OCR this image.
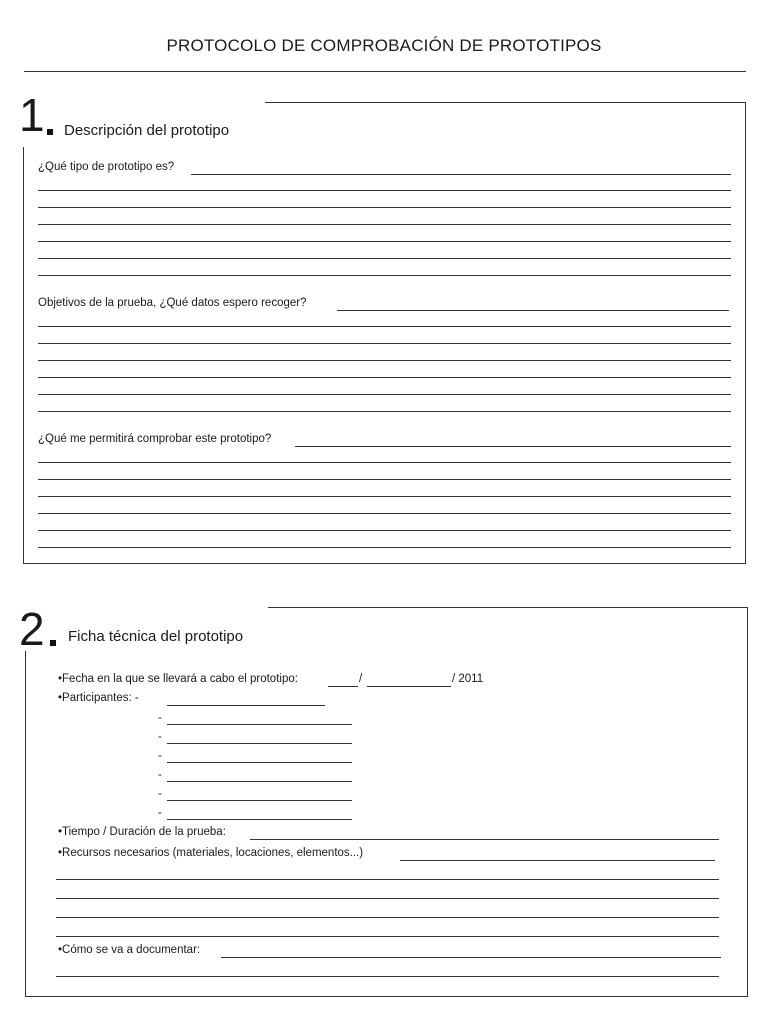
PROTOCOLO DE COMPROBACIÓN DE PROTOTIPOS
1 Descripción del prototipo
¿Qué tipo de prototipo es?
Objetivos de la prueba, ¿Qué datos espero recoger?
¿Qué me permitirá comprobar este prototipo?
2 Ficha técnica del prototipo
•Fecha en la que se llevará a cabo el prototipo:	/	/ 2011
•Participantes: -
-
-
-
-
-
-
•Tiempo / Duración de la prueba:
•Recursos necesarios (materiales, locaciones, elementos...)
•Cómo se va a documentar:
